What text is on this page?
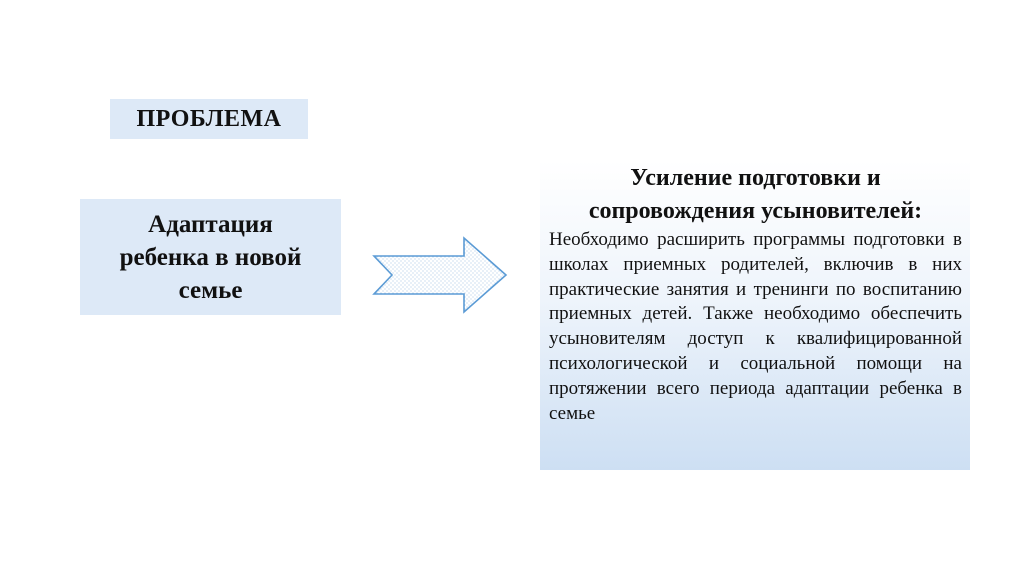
ПРОБЛЕМА
Адаптация
ребенка в новой
семье

Усиление подготовки и сопровождения усыновителей:

Необходимо расширить программы подготовки в школах приемных родителей, включив в них практические занятия и тренинги по воспитанию приемных детей. Также необходимо обеспечить усыновителям доступ к квалифицированной психологической и социальной помощи на протяжении всего периода адаптации ребенка в семье
